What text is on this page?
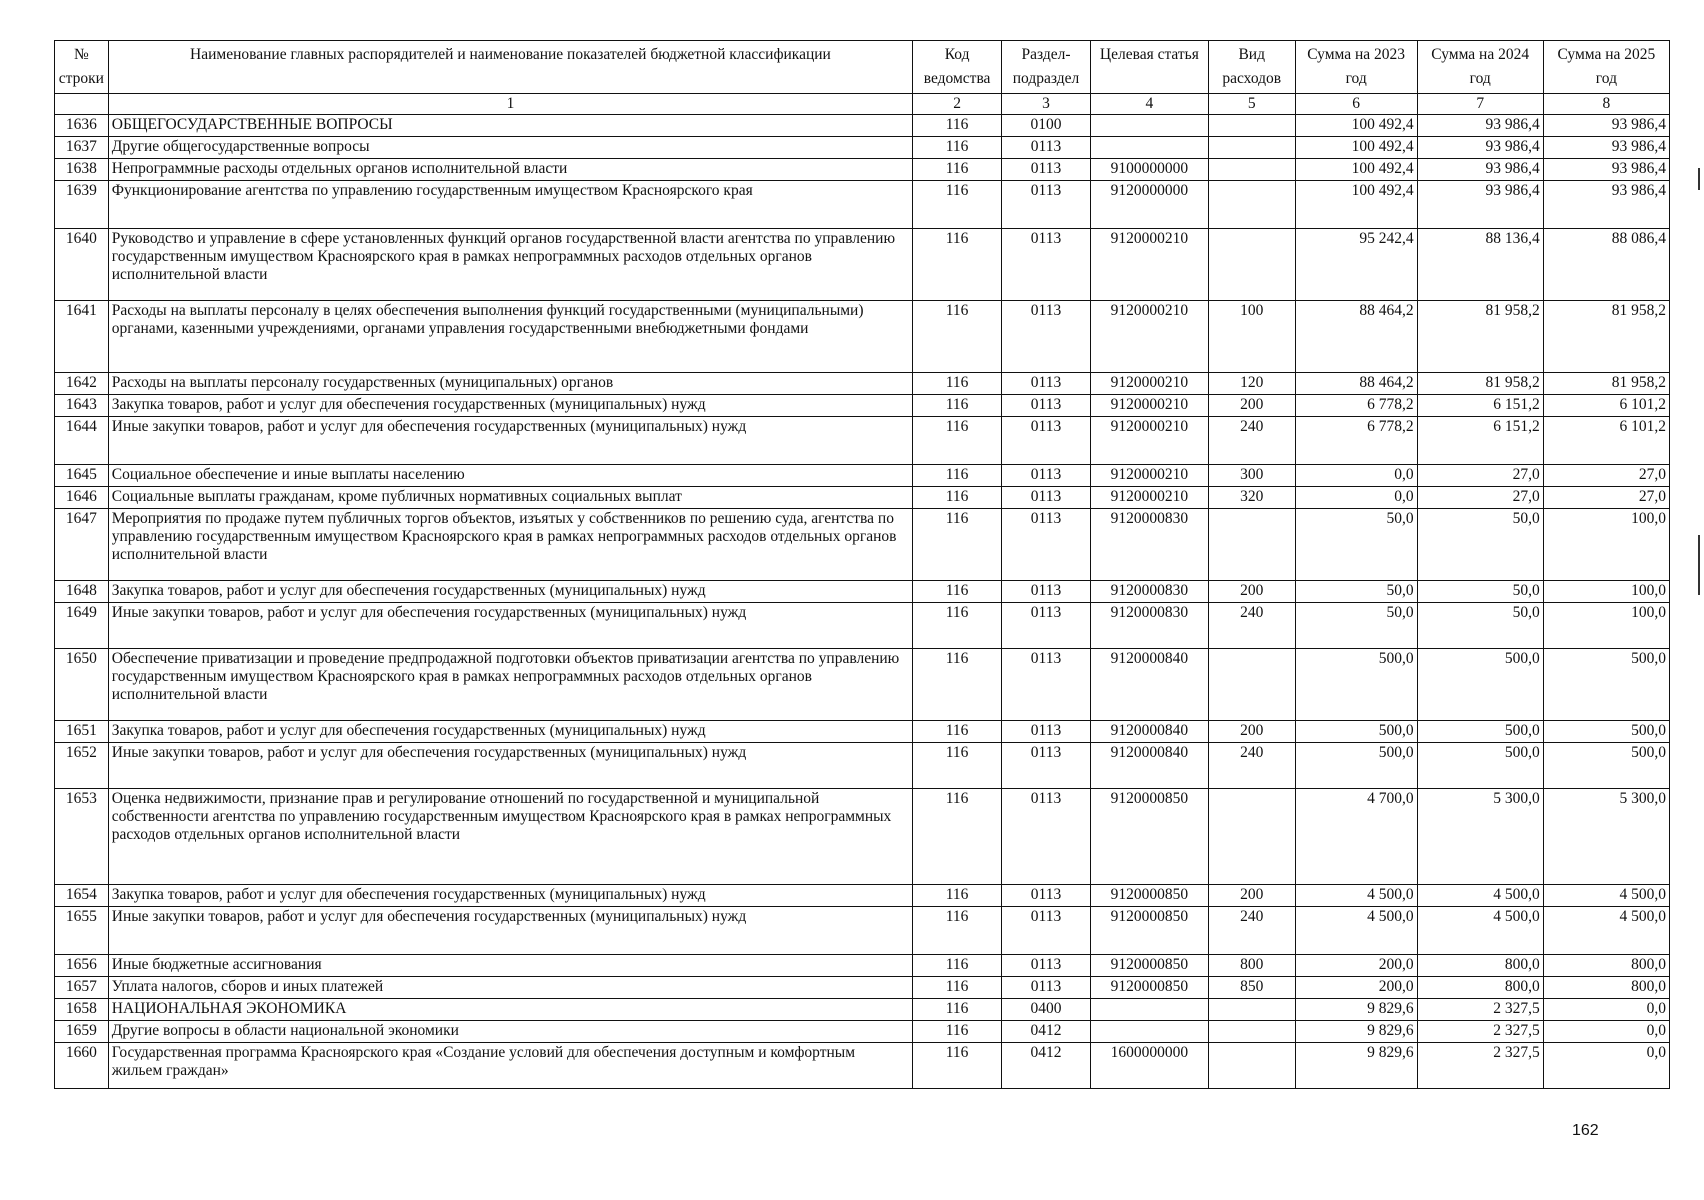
№ строки	Наименование главных распорядителей и наименование показателей бюджетной классификации	Код ведомства	Раздел-подраздел	Целевая статья	Вид расходов	Сумма на 2023 год	Сумма на 2024 год	Сумма на 2025 год
	1	2	3	4	5	6	7	8
1636	ОБЩЕГОСУДАРСТВЕННЫЕ ВОПРОСЫ	116	0100			100 492,4	93 986,4	93 986,4
1637	Другие общегосударственные вопросы	116	0113			100 492,4	93 986,4	93 986,4
1638	Непрограммные расходы отдельных органов исполнительной власти	116	0113	9100000000		100 492,4	93 986,4	93 986,4
1639	Функционирование агентства по управлению государственным имуществом Красноярского края	116	0113	9120000000		100 492,4	93 986,4	93 986,4
1640	Руководство и управление в сфере установленных функций органов государственной власти агентства по управлению государственным имуществом Красноярского края в рамках непрограммных расходов отдельных органов исполнительной власти	116	0113	9120000210		95 242,4	88 136,4	88 086,4
1641	Расходы на выплаты персоналу в целях обеспечения выполнения функций государственными (муниципальными) органами, казенными учреждениями, органами управления государственными внебюджетными фондами	116	0113	9120000210	100	88 464,2	81 958,2	81 958,2
1642	Расходы на выплаты персоналу государственных (муниципальных) органов	116	0113	9120000210	120	88 464,2	81 958,2	81 958,2
1643	Закупка товаров, работ и услуг для обеспечения государственных (муниципальных) нужд	116	0113	9120000210	200	6 778,2	6 151,2	6 101,2
1644	Иные закупки товаров, работ и услуг для обеспечения государственных (муниципальных) нужд	116	0113	9120000210	240	6 778,2	6 151,2	6 101,2
1645	Социальное обеспечение и иные выплаты населению	116	0113	9120000210	300	0,0	27,0	27,0
1646	Социальные выплаты гражданам, кроме публичных нормативных социальных выплат	116	0113	9120000210	320	0,0	27,0	27,0
1647	Мероприятия по продаже путем публичных торгов объектов, изъятых у собственников по решению суда, агентства по управлению государственным имуществом Красноярского края в рамках непрограммных расходов отдельных органов исполнительной власти	116	0113	9120000830		50,0	50,0	100,0
1648	Закупка товаров, работ и услуг для обеспечения государственных (муниципальных) нужд	116	0113	9120000830	200	50,0	50,0	100,0
1649	Иные закупки товаров, работ и услуг для обеспечения государственных (муниципальных) нужд	116	0113	9120000830	240	50,0	50,0	100,0
1650	Обеспечение приватизации и проведение предпродажной подготовки объектов приватизации агентства по управлению государственным имуществом Красноярского края в рамках непрограммных расходов отдельных органов исполнительной власти	116	0113	9120000840		500,0	500,0	500,0
1651	Закупка товаров, работ и услуг для обеспечения государственных (муниципальных) нужд	116	0113	9120000840	200	500,0	500,0	500,0
1652	Иные закупки товаров, работ и услуг для обеспечения государственных (муниципальных) нужд	116	0113	9120000840	240	500,0	500,0	500,0
1653	Оценка недвижимости, признание прав и регулирование отношений по государственной и муниципальной собственности агентства по управлению государственным имуществом Красноярского края в рамках непрограммных расходов отдельных органов исполнительной власти	116	0113	9120000850		4 700,0	5 300,0	5 300,0
1654	Закупка товаров, работ и услуг для обеспечения государственных (муниципальных) нужд	116	0113	9120000850	200	4 500,0	4 500,0	4 500,0
1655	Иные закупки товаров, работ и услуг для обеспечения государственных (муниципальных) нужд	116	0113	9120000850	240	4 500,0	4 500,0	4 500,0
1656	Иные бюджетные ассигнования	116	0113	9120000850	800	200,0	800,0	800,0
1657	Уплата налогов, сборов и иных платежей	116	0113	9120000850	850	200,0	800,0	800,0
1658	НАЦИОНАЛЬНАЯ ЭКОНОМИКА	116	0400			9 829,6	2 327,5	0,0
1659	Другие вопросы в области национальной экономики	116	0412			9 829,6	2 327,5	0,0
1660	Государственная программа Красноярского края «Создание условий для обеспечения доступным и комфортным жильем граждан»	116	0412	1600000000		9 829,6	2 327,5	0,0
162
